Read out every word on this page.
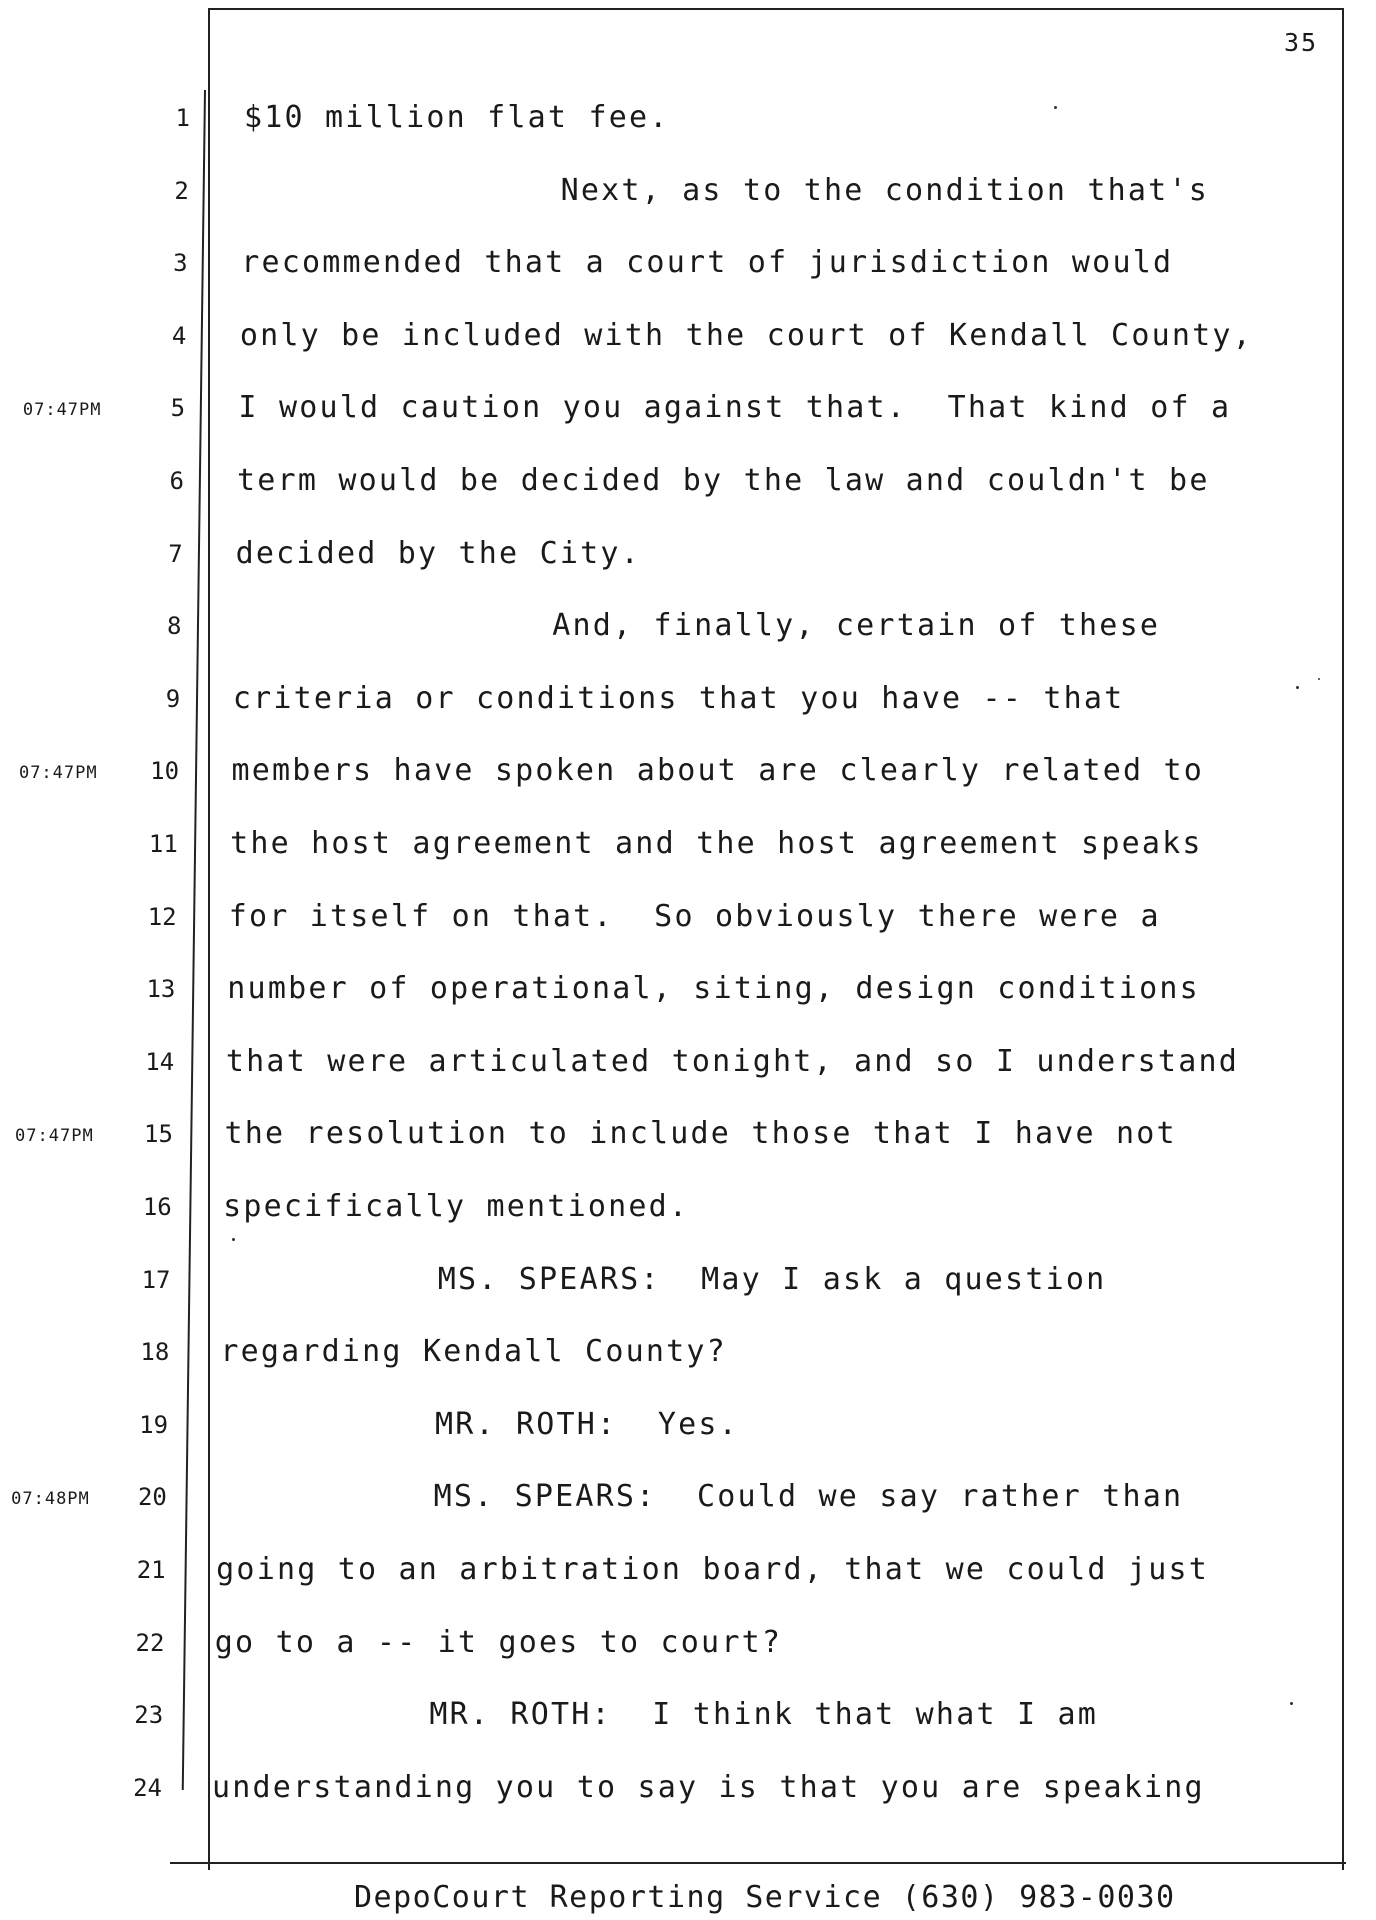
35
1 $10 million flat fee.
2	Next, as to the condition that's
3 recommended that a court of jurisdiction would
4 only be included with the court of Kendall County,
07:47PM	5 I would caution you against that.  That kind of a
6 term would be decided by the law and couldn't be
7 decided by the City.
8	And, finally, certain of these
9 criteria or conditions that you have -- that
07:47PM	10 members have spoken about are clearly related to
11 the host agreement and the host agreement speaks
12 for itself on that.  So obviously there were a
13 number of operational, siting, design conditions
14 that were articulated tonight, and so I understand
07:47PM	15 the resolution to include those that I have not
16 specifically mentioned.
17	MS. SPEARS:  May I ask a question
18 regarding Kendall County?
19	MR. ROTH:  Yes.
07:48PM	20	MS. SPEARS:  Could we say rather than
21 going to an arbitration board, that we could just
22 go to a -- it goes to court?
23	MR. ROTH:  I think that what I am
24 understanding you to say is that you are speaking
DepoCourt Reporting Service (630) 983-0030
